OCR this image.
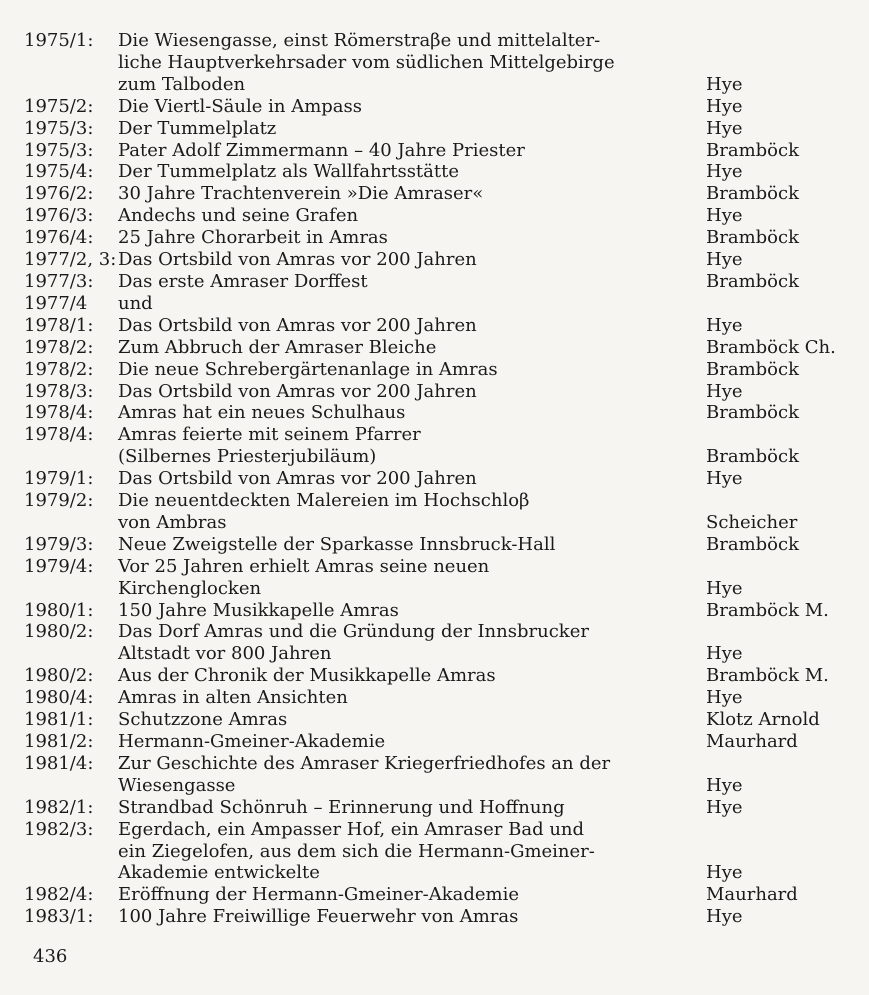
1975/1: Die Wiesengasse, einst Römerstraβe und mittelalter-
liche Hauptverkehrsader vom südlichen Mittelgebirge
zum Talboden	Hye
1975/2: Die Viertl-Säule in Ampass	Hye
1975/3: Der Tummelplatz	Hye
1975/3: Pater Adolf Zimmermann – 40 Jahre Priester	Bramböck
1975/4: Der Tummelplatz als Wallfahrtsstätte	Hye
1976/2: 30 Jahre Trachtenverein »Die Amraser«	Bramböck
1976/3: Andechs und seine Grafen	Hye
1976/4: 25 Jahre Chorarbeit in Amras	Bramböck
1977/2, 3: Das Ortsbild von Amras vor 200 Jahren	Hye
1977/3: Das erste Amraser Dorffest	Bramböck
1977/4 und
1978/1: Das Ortsbild von Amras vor 200 Jahren	Hye
1978/2: Zum Abbruch der Amraser Bleiche	Bramböck Ch.
1978/2: Die neue Schrebergärtenanlage in Amras	Bramböck
1978/3: Das Ortsbild von Amras vor 200 Jahren	Hye
1978/4: Amras hat ein neues Schulhaus	Bramböck
1978/4: Amras feierte mit seinem Pfarrer
(Silbernes Priesterjubiläum)	Bramböck
1979/1: Das Ortsbild von Amras vor 200 Jahren	Hye
1979/2: Die neuentdeckten Malereien im Hochschloβ
von Ambras	Scheicher
1979/3: Neue Zweigstelle der Sparkasse Innsbruck-Hall	Bramböck
1979/4: Vor 25 Jahren erhielt Amras seine neuen
Kirchenglocken	Hye
1980/1: 150 Jahre Musikkapelle Amras	Bramböck M.
1980/2: Das Dorf Amras und die Gründung der Innsbrucker
Altstadt vor 800 Jahren	Hye
1980/2: Aus der Chronik der Musikkapelle Amras	Bramböck M.
1980/4: Amras in alten Ansichten	Hye
1981/1: Schutzzone Amras	Klotz Arnold
1981/2: Hermann-Gmeiner-Akademie	Maurhard
1981/4: Zur Geschichte des Amraser Kriegerfriedhofes an der
Wiesengasse	Hye
1982/1: Strandbad Schönruh – Erinnerung und Hoffnung	Hye
1982/3: Egerdach, ein Ampasser Hof, ein Amraser Bad und
ein Ziegelofen, aus dem sich die Hermann-Gmeiner-
Akademie entwickelte	Hye
1982/4: Eröffnung der Hermann-Gmeiner-Akademie	Maurhard
1983/1: 100 Jahre Freiwillige Feuerwehr von Amras	Hye
436
